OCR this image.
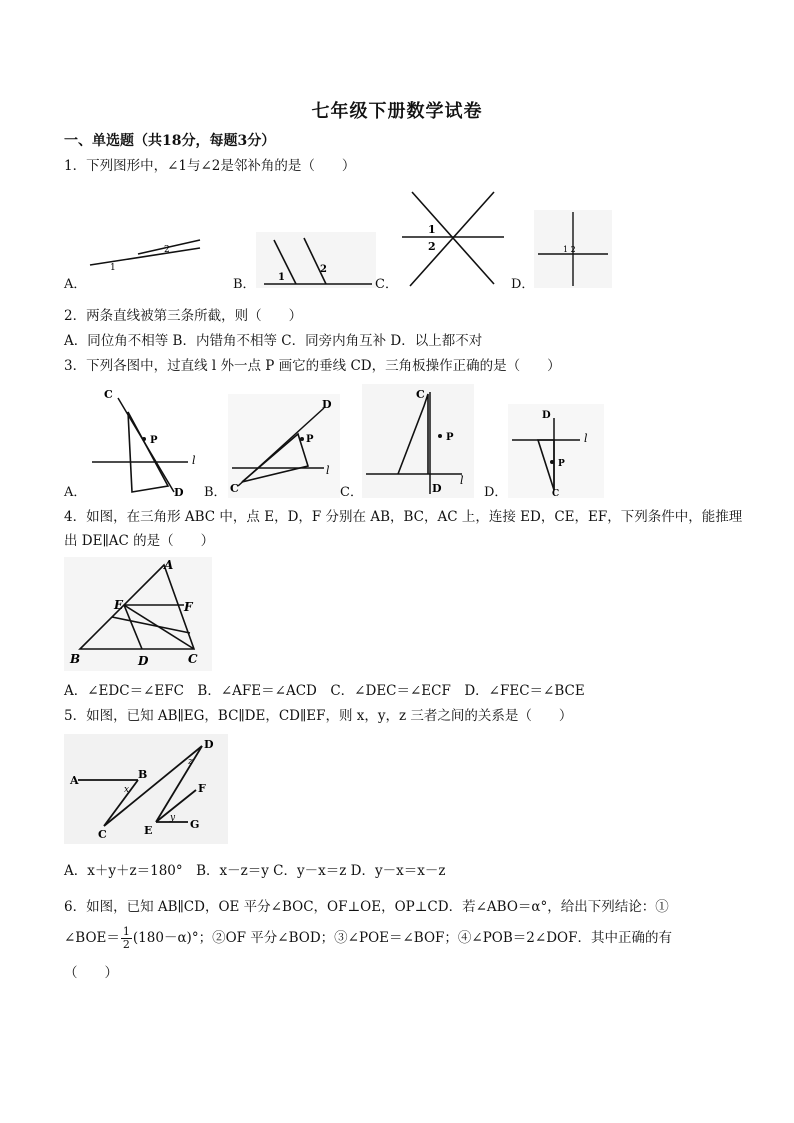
七年级下册数学试卷
一、单选题（共18分，每题3分）
1．下列图形中，∠1与∠2是邻补角的是（　　）
2
1
A．	1
2
B．
1
2
C．
1 2
D．
2．两条直线被第三条所截，则（　　）
A．同位角不相等 B．内错角不相等 C．同旁内角互补 D．以上都不对
3．下列各图中，过直线 l 外一点 P 画它的垂线 CD，三角板操作正确的是（　　）
C
P
l
D
A．
D
P
l
C
B．
C
P
l
D
C．
D
l
P
C
D．
4．如图，在三角形 ABC 中，点 E，D，F 分别在 AB，BC，AC 上，连接 ED，CE，EF，下列条件中，能推理
出 DE∥AC 的是（　　）
A
E	F
B	D	C
A．∠EDC＝∠EFC　B．∠AFE＝∠ACD　C．∠DEC＝∠ECF　D．∠FEC＝∠BCE
5．如图，已知 AB∥EG，BC∥DE，CD∥EF，则 x，y，z 三者之间的关系是（　　）
A	B
x
C
D
z
F
y
E	G
A．x＋y＋z＝180°　B．x－z＝y C．y－x＝z D．y－x＝x－z
6．如图，已知 AB∥CD，OE 平分∠BOC，OF⊥OE，OP⊥CD．若∠ABO＝α°，给出下列结论：①
∠BOE＝ $\frac{1}{2} (180-\alpha)^\circ$；②OF 平分∠BOD；③∠POE＝∠BOF；④∠POB＝2∠DOF．其中正确的有
（　　）
